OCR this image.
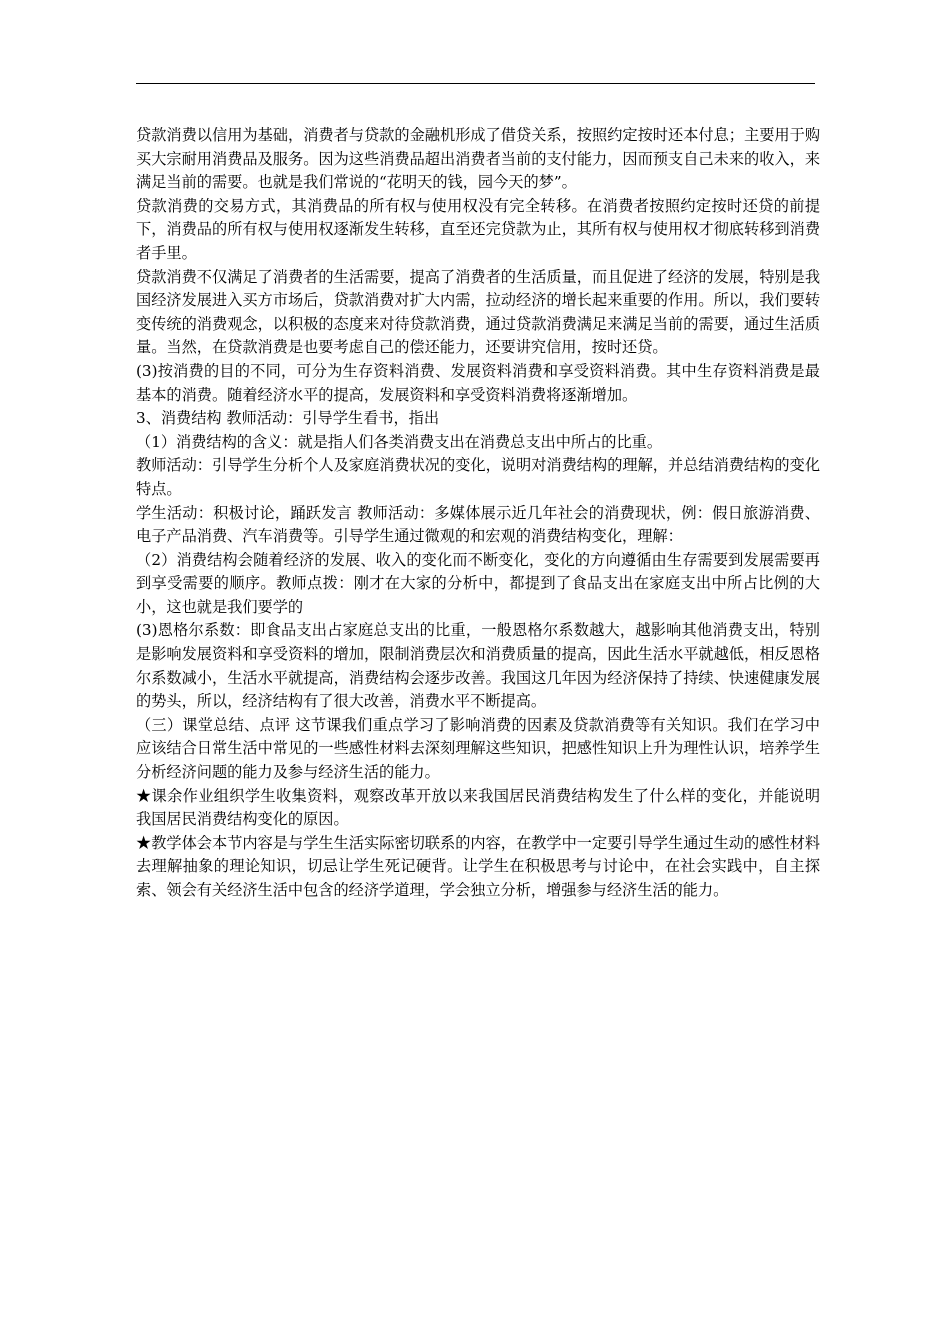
贷款消费以信用为基础，消费者与贷款的金融机形成了借贷关系，按照约定按时还本付息；主要用于购买大宗耐用消费品及服务。因为这些消费品超出消费者当前的支付能力，因而预支自己未来的收入，来满足当前的需要。也就是我们常说的“花明天的钱，园今天的梦”。

贷款消费的交易方式，其消费品的所有权与使用权没有完全转移。在消费者按照约定按时还贷的前提下，消费品的所有权与使用权逐渐发生转移，直至还完贷款为止，其所有权与使用权才彻底转移到消费者手里。

贷款消费不仅满足了消费者的生活需要，提高了消费者的生活质量，而且促进了经济的发展，特别是我国经济发展进入买方市场后，贷款消费对扩大内需，拉动经济的增长起来重要的作用。所以，我们要转变传统的消费观念，以积极的态度来对待贷款消费，通过贷款消费满足来满足当前的需要，通过生活质量。当然，在贷款消费是也要考虑自己的偿还能力，还要讲究信用，按时还贷。

(3)按消费的目的不同，可分为生存资料消费、发展资料消费和享受资料消费。其中生存资料消费是最基本的消费。随着经济水平的提高，发展资料和享受资料消费将逐渐增加。

3、消费结构 教师活动：引导学生看书，指出

（1）消费结构的含义：就是指人们各类消费支出在消费总支出中所占的比重。

教师活动：引导学生分析个人及家庭消费状况的变化，说明对消费结构的理解，并总结消费结构的变化特点。

学生活动：积极讨论，踊跃发言 教师活动：多媒体展示近几年社会的消费现状，例：假日旅游消费、电子产品消费、汽车消费等。引导学生通过微观的和宏观的消费结构变化，理解：

（2）消费结构会随着经济的发展、收入的变化而不断变化，变化的方向遵循由生存需要到发展需要再到享受需要的顺序。教师点拨：刚才在大家的分析中，都提到了食品支出在家庭支出中所占比例的大小，这也就是我们要学的

(3)恩格尔系数：即食品支出占家庭总支出的比重，一般恩格尔系数越大，越影响其他消费支出，特别是影响发展资料和享受资料的增加，限制消费层次和消费质量的提高，因此生活水平就越低，相反恩格尔系数减小，生活水平就提高，消费结构会逐步改善。我国这几年因为经济保持了持续、快速健康发展的势头，所以，经济结构有了很大改善，消费水平不断提高。

（三）课堂总结、点评 这节课我们重点学习了影响消费的因素及贷款消费等有关知识。我们在学习中应该结合日常生活中常见的一些感性材料去深刻理解这些知识，把感性知识上升为理性认识，培养学生分析经济问题的能力及参与经济生活的能力。

★课余作业组织学生收集资料，观察改革开放以来我国居民消费结构发生了什么样的变化，并能说明 我国居民消费结构变化的原因。

★教学体会本节内容是与学生生活实际密切联系的内容，在教学中一定要引导学生通过生动的感性材料去理解抽象的理论知识，切忌让学生死记硬背。让学生在积极思考与讨论中，在社会实践中，自主探索、领会有关经济生活中包含的经济学道理，学会独立分析，增强参与经济生活的能力。
